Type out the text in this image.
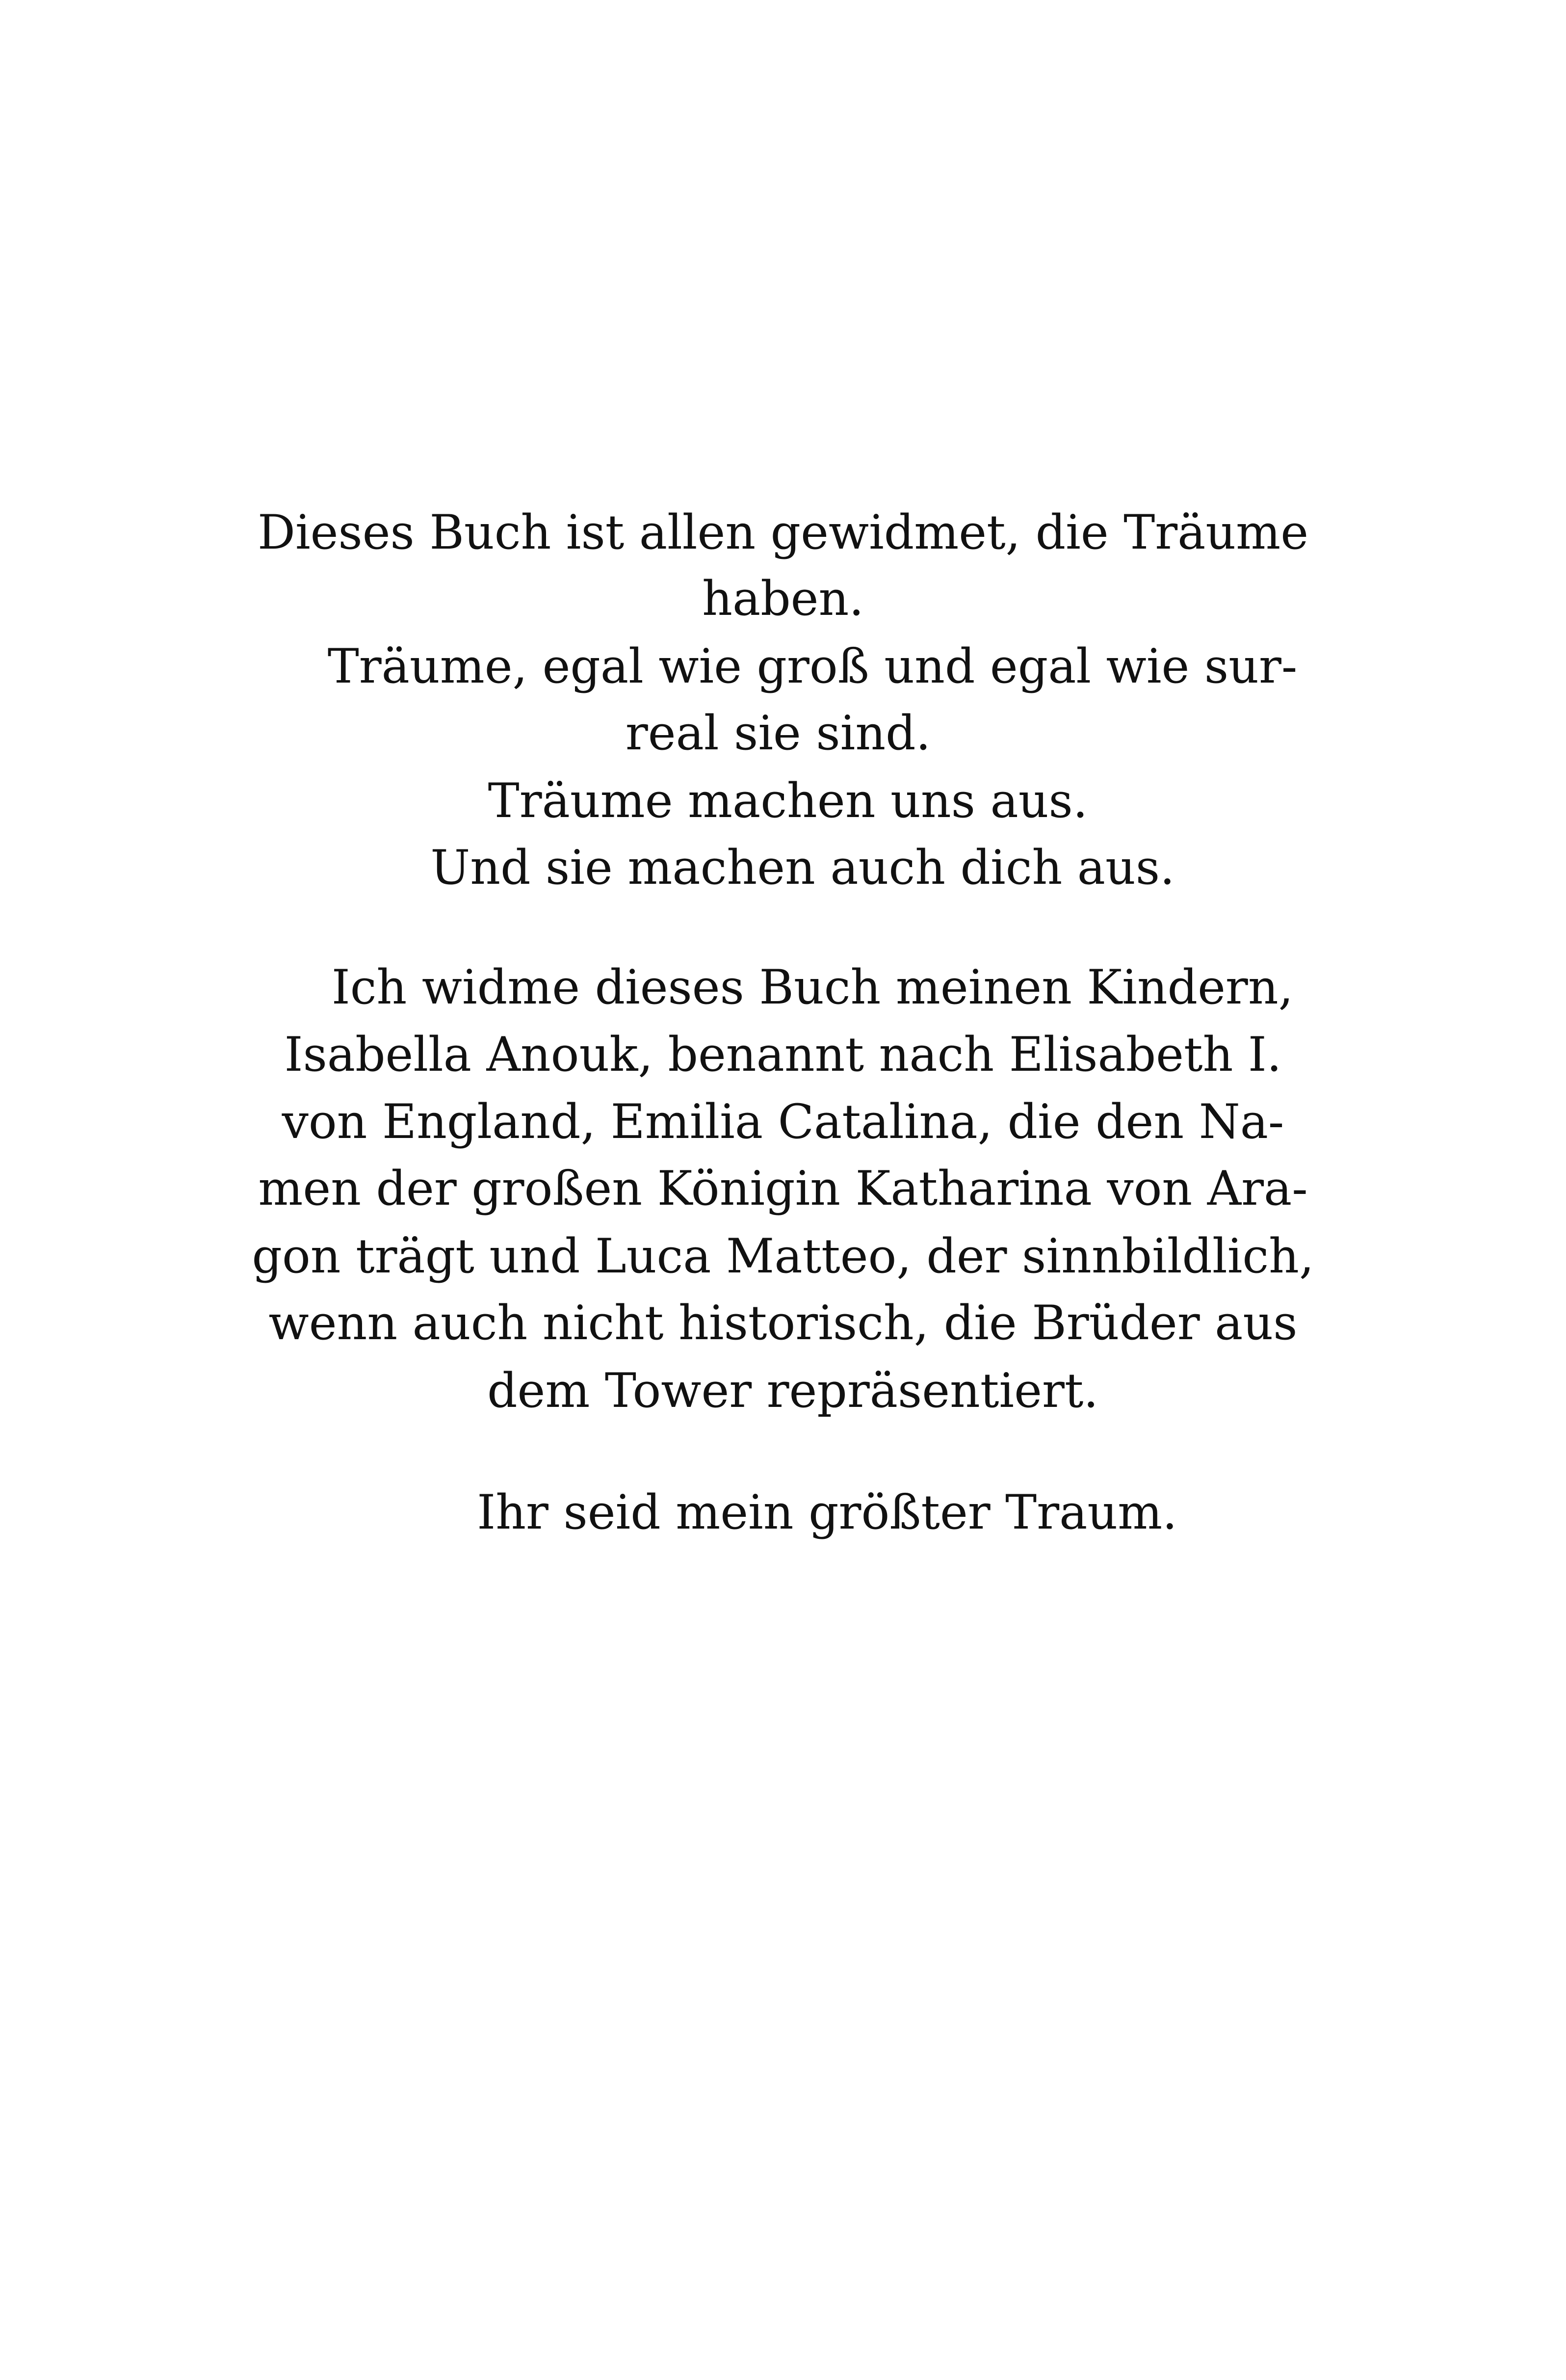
Dieses Buch ist allen gewidmet, die Träume
haben.
Träume, egal wie groß und egal wie sur-
real sie sind.
Träume machen uns aus.
Und sie machen auch dich aus.
Ich widme dieses Buch meinen Kindern,
Isabella Anouk, benannt nach Elisabeth I.
von England, Emilia Catalina, die den Na-
men der großen Königin Katharina von Ara-
gon trägt und Luca Matteo, der sinnbildlich,
wenn auch nicht historisch, die Brüder aus
dem Tower repräsentiert.
Ihr seid mein größter Traum.
